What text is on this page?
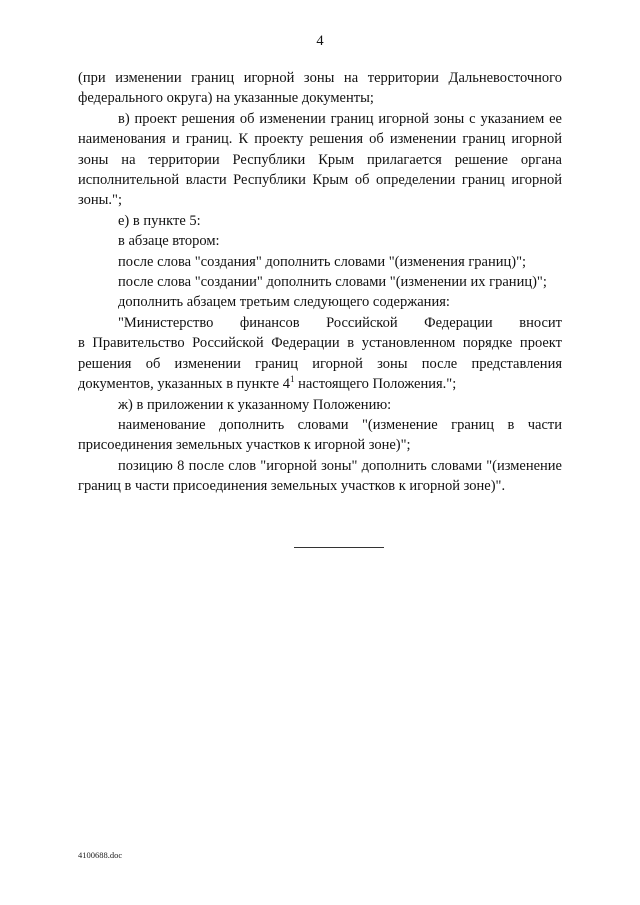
4

(при изменении границ игорной зоны на территории Дальневосточного федерального округа) на указанные документы;

в) проект решения об изменении границ игорной зоны с указанием ее наименования и границ. К проекту решения об изменении границ игорной зоны на территории Республики Крым прилагается решение органа исполнительной власти Республики Крым об определении границ игорной зоны.";

е) в пункте 5:

в абзаце втором:

после слова "создания" дополнить словами "(изменения границ)";

после слова "создании" дополнить словами "(изменении их границ)";

дополнить абзацем третьим следующего содержания:

"Министерство финансов Российской Федерации вносит

в Правительство Российской Федерации в установленном порядке проект решения об изменении границ игорной зоны после представления документов, указанных в пункте $4^1$ настоящего Положения.";

ж) в приложении к указанному Положению:

наименование дополнить словами "(изменение границ в части присоединения земельных участков к игорной зоне)";

позицию 8 после слов "игорной зоны" дополнить словами "(изменение границ в части присоединения земельных участков к игорной зоне)".

4100688.doc
